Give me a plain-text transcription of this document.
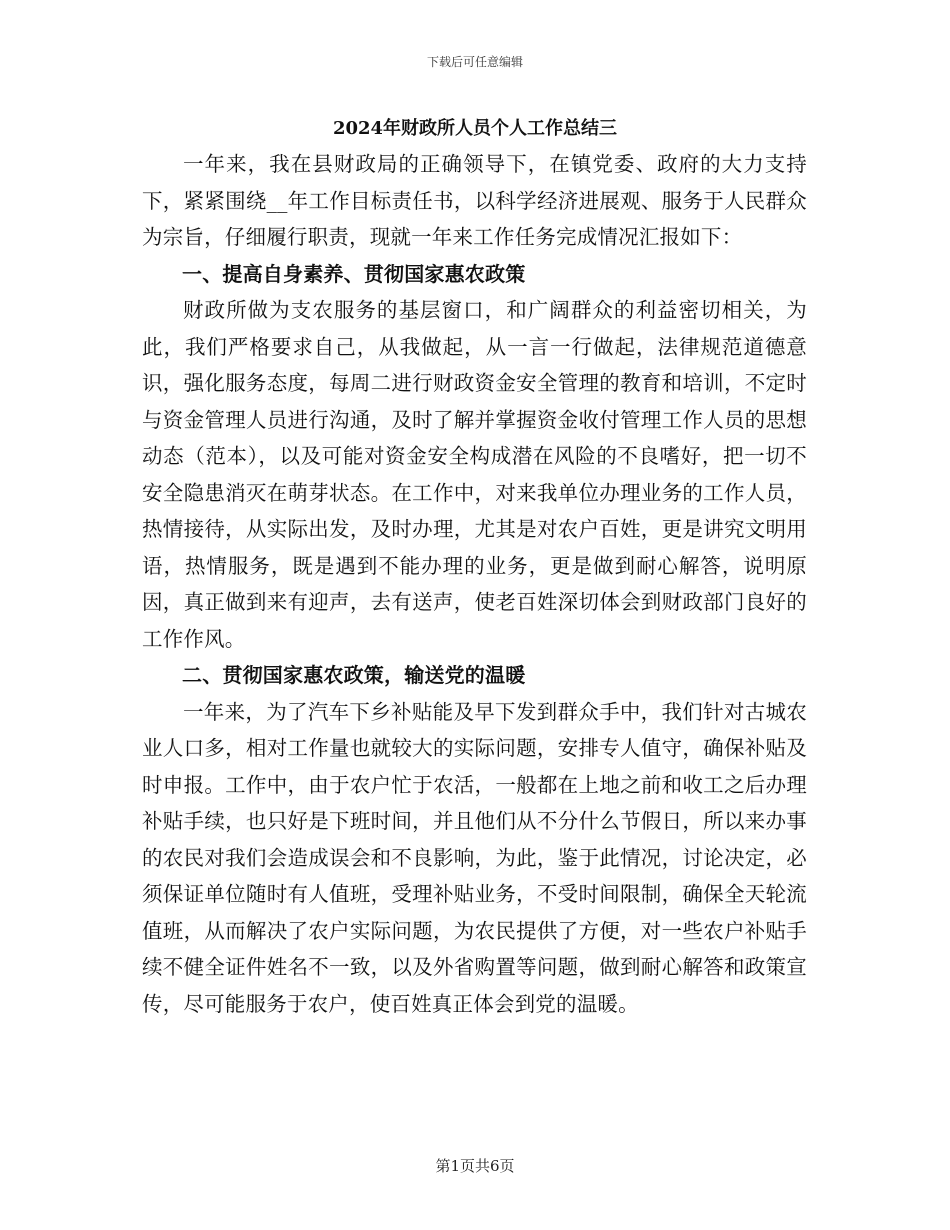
下载后可任意编辑
2024年财政所人员个人工作总结三

一年来，我在县财政局的正确领导下，在镇党委、政府的大力支持下，紧紧围绕__年工作目标责任书，以科学经济进展观、服务于人民群众为宗旨，仔细履行职责，现就一年来工作任务完成情况汇报如下：

一、提高自身素养、贯彻国家惠农政策

财政所做为支农服务的基层窗口，和广阔群众的利益密切相关，为此，我们严格要求自己，从我做起，从一言一行做起，法律规范道德意识，强化服务态度，每周二进行财政资金安全管理的教育和培训，不定时与资金管理人员进行沟通，及时了解并掌握资金收付管理工作人员的思想动态（范本），以及可能对资金安全构成潜在风险的不良嗜好，把一切不安全隐患消灭在萌芽状态。在工作中，对来我单位办理业务的工作人员，热情接待，从实际出发，及时办理，尤其是对农户百姓，更是讲究文明用语，热情服务，既是遇到不能办理的业务，更是做到耐心解答，说明原因，真正做到来有迎声，去有送声，使老百姓深切体会到财政部门良好的工作作风。

二、贯彻国家惠农政策，输送党的温暖

一年来，为了汽车下乡补贴能及早下发到群众手中，我们针对古城农业人口多，相对工作量也就较大的实际问题，安排专人值守，确保补贴及时申报。工作中，由于农户忙于农活，一般都在上地之前和收工之后办理补贴手续，也只好是下班时间，并且他们从不分什么节假日，所以来办事的农民对我们会造成误会和不良影响，为此，鉴于此情况，讨论决定，必须保证单位随时有人值班，受理补贴业务，不受时间限制，确保全天轮流值班，从而解决了农户实际问题，为农民提供了方便，对一些农户补贴手续不健全证件姓名不一致，以及外省购置等问题，做到耐心解答和政策宣传，尽可能服务于农户，使百姓真正体会到党的温暖。

第1页共6页
